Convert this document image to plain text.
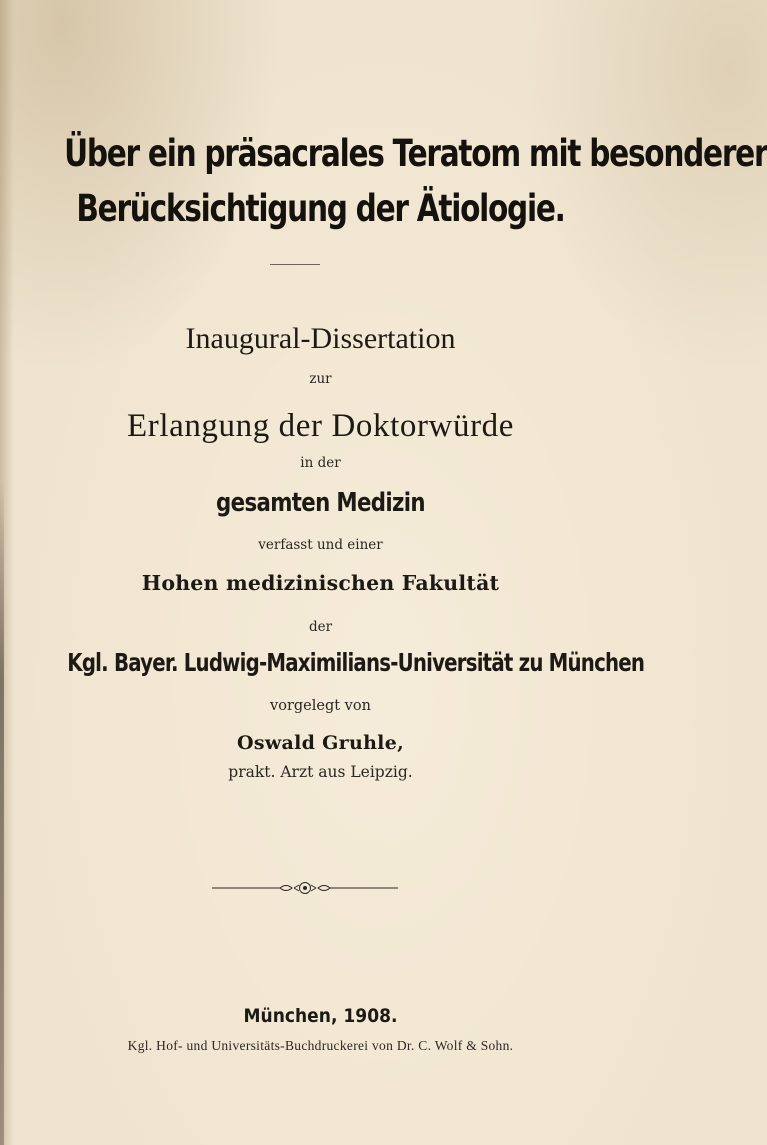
Über ein präsacrales Teratom mit besonderer
Berücksichtigung der Ätiologie.
Inaugural-Dissertation
zur
Erlangung der Doktorwürde
in der
gesamten Medizin
verfasst und einer
Hohen medizinischen Fakultät
der
Kgl. Bayer. Ludwig-Maximilians-Universität zu München
vorgelegt von
Oswald Gruhle,
prakt. Arzt aus Leipzig.
München, 1908.
Kgl. Hof- und Universitäts-Buchdruckerei von Dr. C. Wolf & Sohn.
